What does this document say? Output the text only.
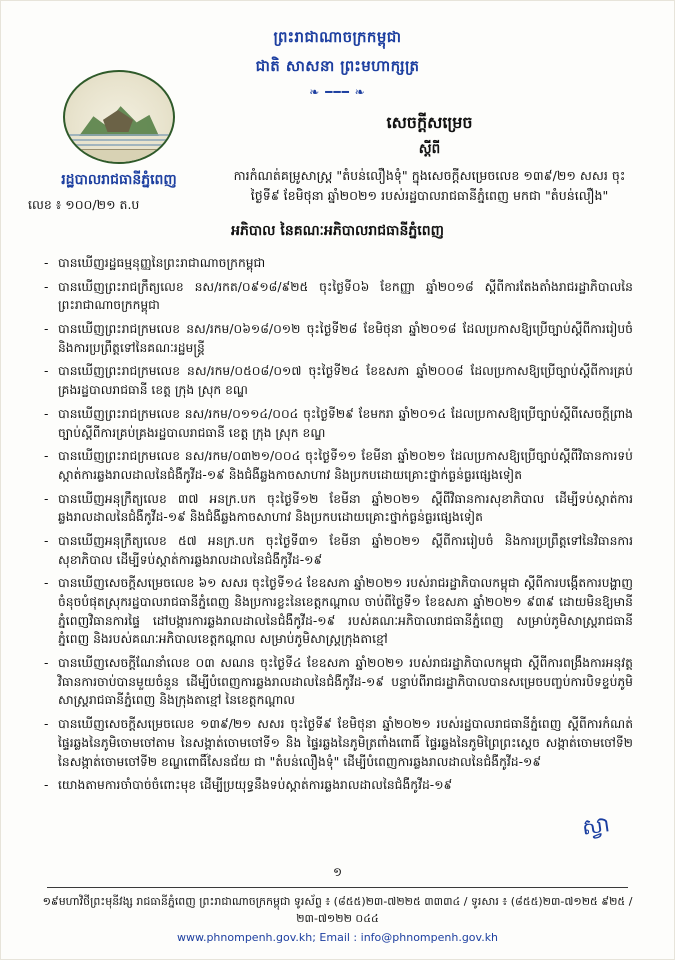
ព្រះរាជាណាចក្រកម្ពុជា
ជាតិ សាសនា ព្រះមហាក្សត្រ
❧ ━━━ ❧
រដ្ឋបាលរាជធានីភ្នំពេញ
លេខ ៖ ១០០/២១ ត.ប
សេចក្តីសម្រេច
ស្តីពី
ការកំណត់គម្រូសាស្រ្ត "តំបន់លឿងទុំ" ក្នុងសេចក្តីសម្រេចលេខ ១៣៩/២១ សសរ ចុះថ្ងៃទី៩ ខែមិថុនា ឆ្នាំ២០២១ របស់រដ្ឋបាលរាជធានីភ្នំពេញ មកជា "តំបន់លឿង"
អភិបាល នៃគណៈអភិបាលរាជធានីភ្នំពេញ
- បានឃើញរដ្ឋធម្មនុញ្ញនៃព្រះរាជាណាចក្រកម្ពុជា
- បានឃើញព្រះរាជក្រឹត្យលេខ នស/រកត/០៩១៨/៩២៥ ចុះថ្ងៃទី០៦ ខែកញ្ញា ឆ្នាំ២០១៨ ស្តីពីការតែងតាំងរាជរដ្ឋាភិបាលនៃព្រះរាជាណាចក្រកម្ពុជា
- បានឃើញព្រះរាជក្រមលេខ នស/រកម/០៦១៨/០១២ ចុះថ្ងៃទី២៨ ខែមិថុនា ឆ្នាំ២០១៨ ដែលប្រកាសឱ្យប្រើច្បាប់ស្តីពីការរៀបចំ និងការប្រព្រឹត្តទៅនៃគណៈរដ្ឋមន្ត្រី
- បានឃើញព្រះរាជក្រមលេខ នស/រកម/០៥០៨/០១៧ ចុះថ្ងៃទី២៤ ខែឧសភា ឆ្នាំ២០០៨ ដែលប្រកាសឱ្យប្រើច្បាប់ស្តីពីការគ្រប់គ្រងរដ្ឋបាលរាជធានី ខេត្ត ក្រុង ស្រុក ខណ្ឌ
- បានឃើញព្រះរាជក្រមលេខ នស/រកម/០១១៤/០០៤ ចុះថ្ងៃទី២៩ ខែមករា ឆ្នាំ២០១៤ ដែលប្រកាសឱ្យប្រើច្បាប់ស្តីពីសេចក្តីព្រាងច្បាប់ស្តីពីការគ្រប់គ្រងរដ្ឋបាលរាជធានី ខេត្ត ក្រុង ស្រុក ខណ្ឌ
- បានឃើញព្រះរាជក្រមលេខ នស/រកម/០៣២១/០០៤ ចុះថ្ងៃទី១១ ខែមីនា ឆ្នាំ២០២១ ដែលប្រកាសឱ្យប្រើច្បាប់ស្តីពីវិធានការទប់ស្កាត់ការឆ្លងរាលដាលនៃជំងឺកូវីដ-១៩ និងជំងឺឆ្លងកាចសាហាវ និងប្រកបដោយគ្រោះថ្នាក់ធ្ងន់ធ្ងរផ្សេងទៀត
- បានឃើញអនុក្រឹត្យលេខ ៣៧ អនក្រ.បក ចុះថ្ងៃទី១២ ខែមីនា ឆ្នាំ២០២១ ស្តីពីវិធានការសុខាភិបាល ដើម្បីទប់ស្កាត់ការឆ្លងរាលដាលនៃជំងឺកូវីដ-១៩ និងជំងឺឆ្លងកាចសាហាវ និងប្រកបដោយគ្រោះថ្នាក់ធ្ងន់ធ្ងរផ្សេងទៀត
- បានឃើញអនុក្រឹត្យលេខ ៥៧ អនក្រ.បក ចុះថ្ងៃទី៣១ ខែមីនា ឆ្នាំ២០២១ ស្តីពីការរៀបចំ និងការប្រព្រឹត្តទៅនៃវិធានការសុខាភិបាល ដើម្បីទប់ស្កាត់ការឆ្លងរាលដាលនៃជំងឺកូវីដ-១៩
- បានឃើញសេចក្តីសម្រេចលេខ ៦១ សសរ ចុះថ្ងៃទី១៤ ខែឧសភា ឆ្នាំ២០២១ របស់រាជរដ្ឋាភិបាលកម្ពុជា ស្តីពីការបង្កើតការបង្ហាញចំនុចបំផុតស្រុករដ្ឋបាលរាជធានីភ្នំពេញ និងប្រការខ្លះនៃខេត្តកណ្តាល ចាប់ពីថ្ងៃទី១ ខែឧសភា ឆ្នាំ២០២១ ៩៣៩ ដោយមិនឱ្យមានីភ្នំពេញវិធានការផ្ទៃ ដៅបង្ការការឆ្លងរាលដាលនៃជំងឺកូវីដ-១៩ របស់គណៈអភិបាលរាជធានីភ្នំពេញ សម្រាប់ភូមិសាស្រ្តរាជធានីភ្នំពេញ និងរបស់គណៈអភិបាលខេត្តកណ្តាល សម្រាប់ភូមិសាស្រ្តក្រុងតាខ្មៅ
- បានឃើញសេចក្តីណែនាំលេខ ០៣ សណន ចុះថ្ងៃទី៤ ខែឧសភា ឆ្នាំ២០២១ របស់រាជរដ្ឋាភិបាលកម្ពុជា ស្តីពីការពង្រឹងការអនុវត្តវិធានការចាប់បានមួយចំនួន ដើម្បីបំពេញការឆ្លងរាលដាលនៃជំងឺកូវីដ-១៩ បន្ទាប់ពីរាជរដ្ឋាភិបាលបានសម្រេចបញ្ចប់ការបិទខ្ទប់ភូមិសាស្រ្តរាជធានីភ្នំពេញ និងក្រុងតាខ្មៅ នៃខេត្តកណ្តាល
- បានឃើញសេចក្តីសម្រេចលេខ ១៣៩/២១ សសរ ចុះថ្ងៃទី៩ ខែមិថុនា ឆ្នាំ២០២១ របស់រដ្ឋបាលរាជធានីភ្នំពេញ ស្តីពីការកំណត់ផ្ទៃរឆ្លងនៃភូមិចោមចៅតាម នៃសង្កាត់ចោមចៅទី១ និង ផ្ទៃរឆ្លងនៃភូមិត្រពាំងពោធិ៍ ផ្ទៃរឆ្លងនៃភូមិព្រៃព្រះស្តេច សង្កាត់ចោមចៅទី២ នៃសង្កាត់ចោមចៅទី២ ខណ្ឌពោធិ៍សែនជ័យ ជា "តំបន់លឿងទុំ" ដើម្បីបំពេញការឆ្លងរាលដាលនៃជំងឺកូវីដ-១៩
- យោងតាមការចាំបាច់ចំពោះមុខ ដើម្បីប្រយុទ្ធនឹងទប់ស្កាត់ការឆ្លងរាលដាលនៃជំងឺកូវីដ-១៩
ស្វា
១
១៩មហាវិថីព្រះមុនីវង្ស រាជធានីភ្នំពេញ ព្រះរាជាណាចក្រកម្ពុជា ទូរស័ព្ទ ៖ (៨៥៥)២៣-៧២២៥ ៣៣៣៤ / ទូរសារ ៖ (៨៥៥)២៣-៧១២៥ ៩២៥ / ២៣-៧១២២ ០៤៤
www.phnompenh.gov.kh; Email : info@phnompenh.gov.kh
